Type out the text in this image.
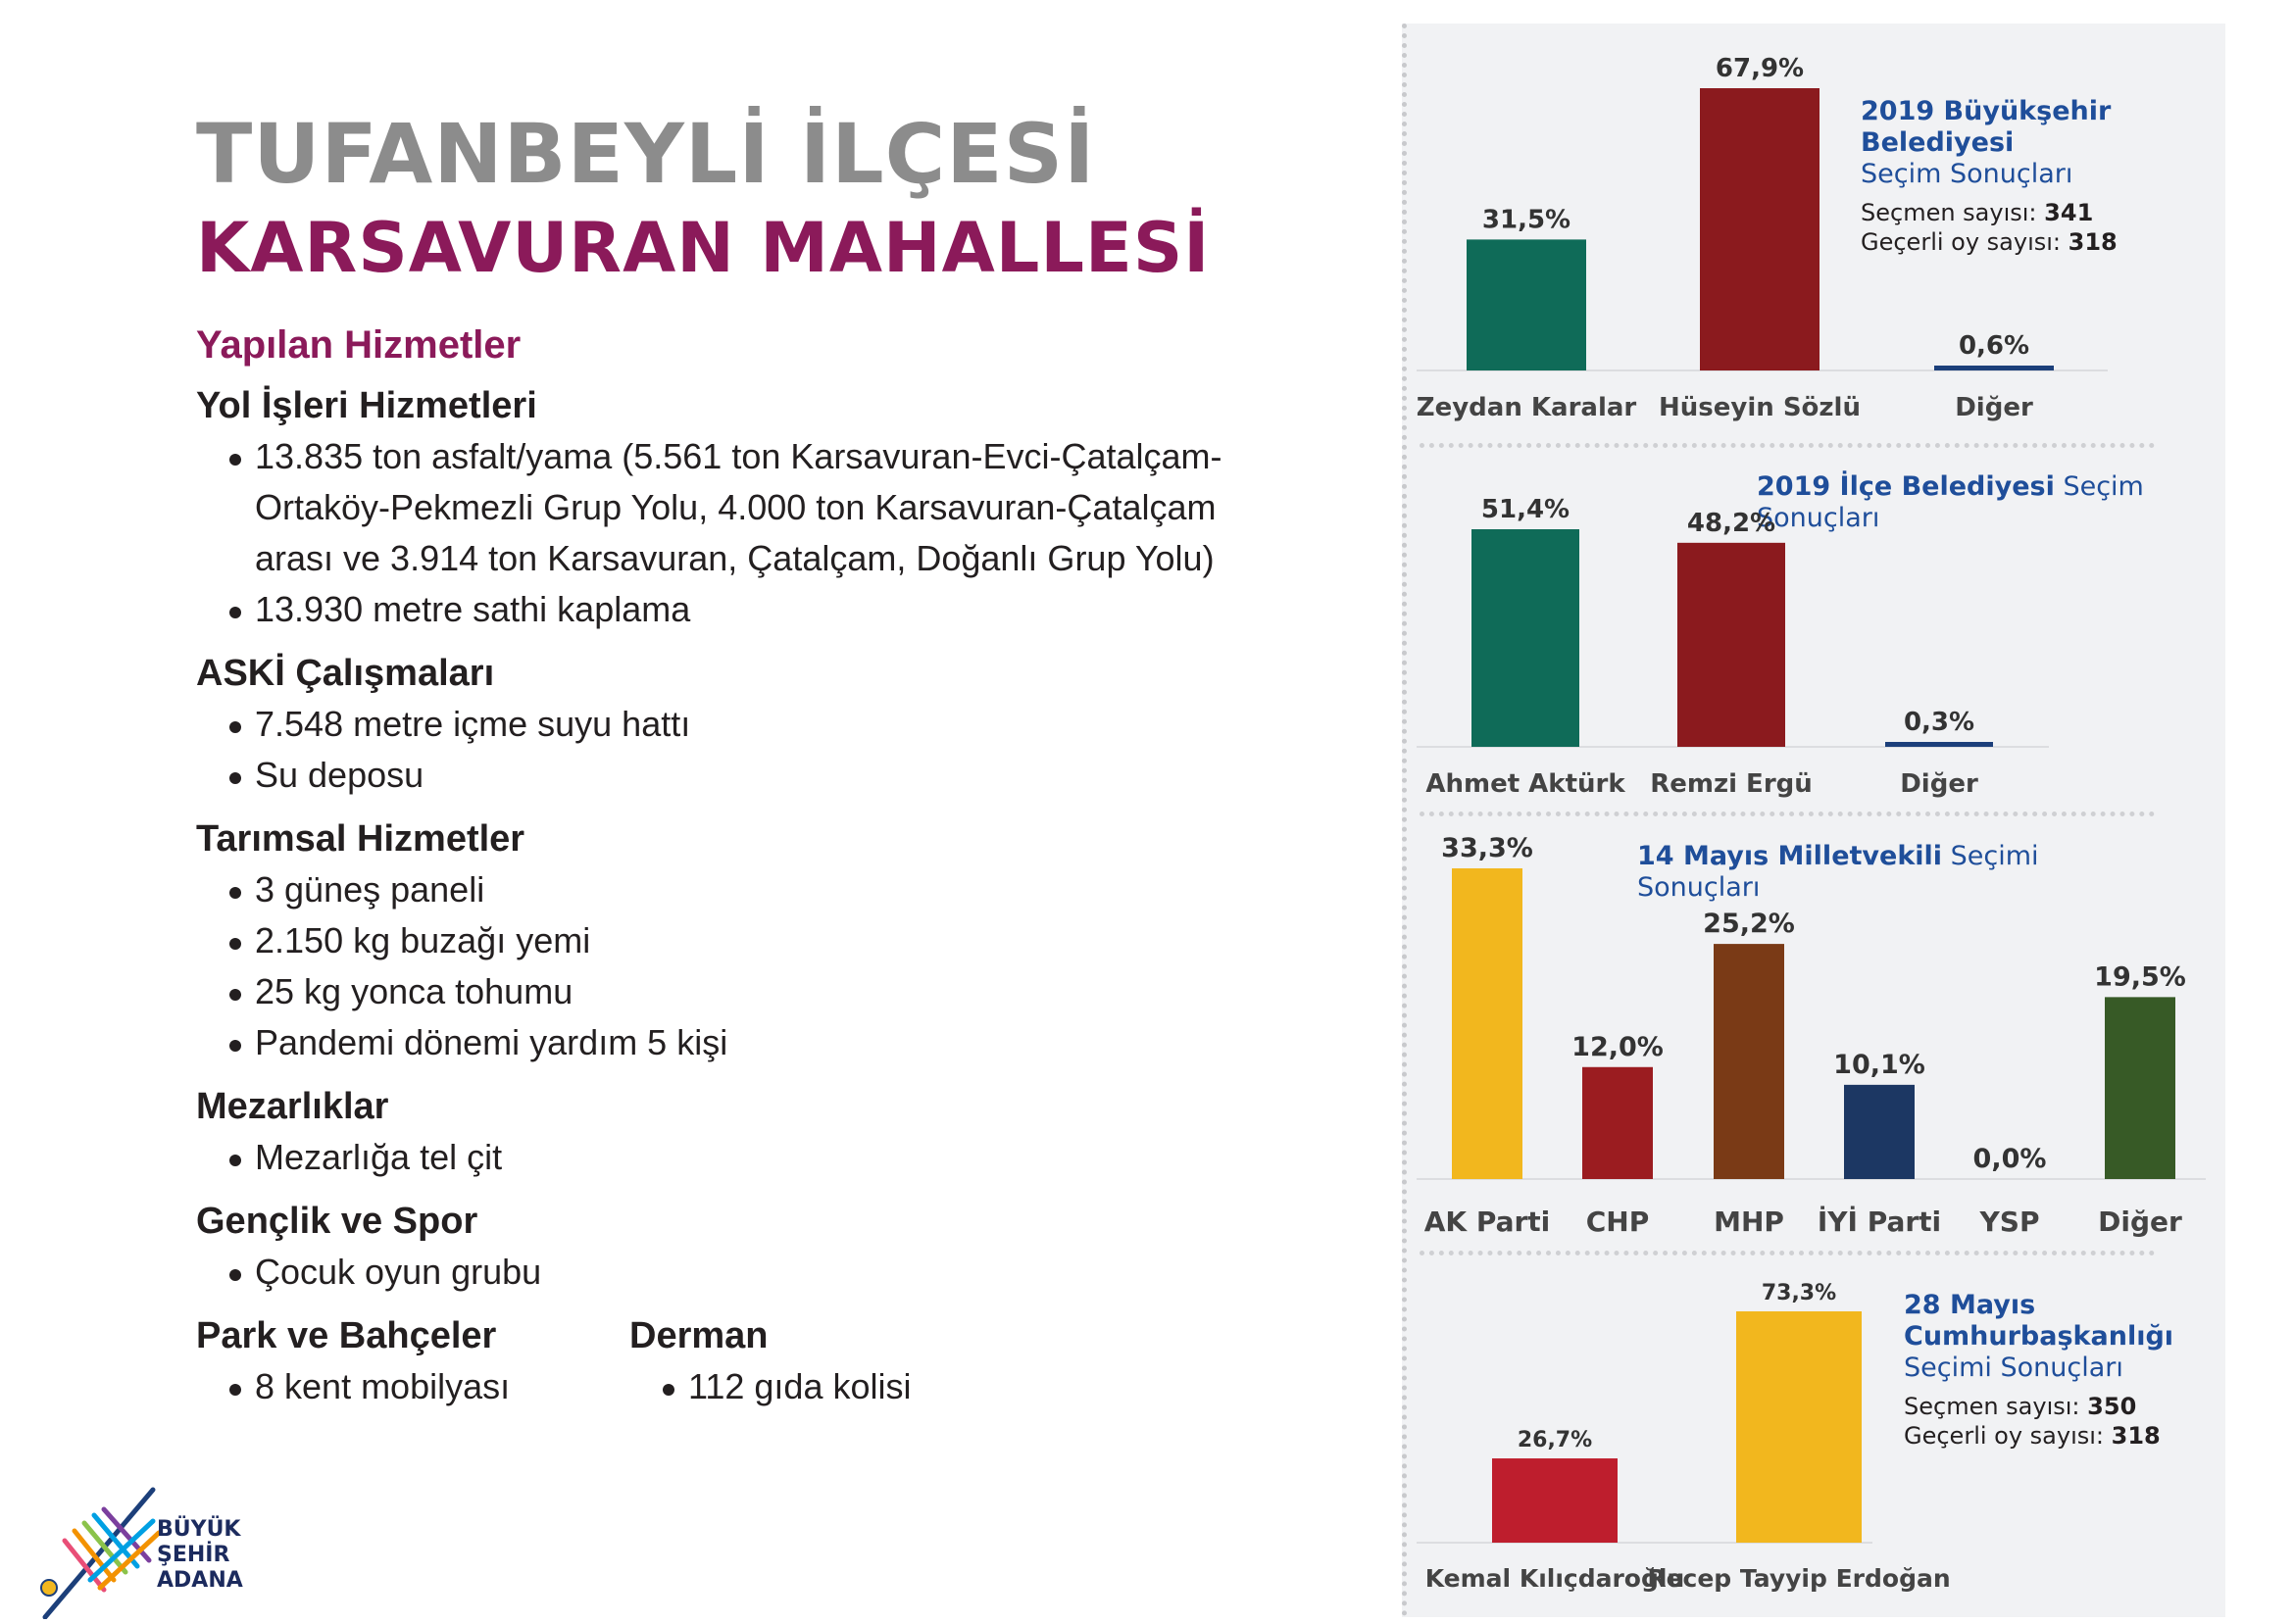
TUFANBEYLİ İLÇESİ
KARSAVURAN MAHALLESİ
Yapılan Hizmetler
Yol İşleri Hizmetleri
13.835 ton asfalt/yama (5.561 ton Karsavuran-Evci-Çatalçam-Ortaköy-Pekmezli Grup Yolu, 4.000 ton Karsavuran-Çatalçam arası ve 3.914 ton Karsavuran, Çatalçam, Doğanlı Grup Yolu)
13.930 metre sathi kaplama
ASKİ Çalışmaları
7.548 metre içme suyu hattı
Su deposu
Tarımsal Hizmetler
3 güneş paneli
2.150 kg buzağı yemi
25 kg yonca tohumu
Pandemi dönemi yardım 5 kişi
Mezarlıklar
Mezarlığa tel çit
Gençlik ve Spor
Çocuk oyun grubu
Park ve Bahçeler
8 kent mobilyası
Derman
112 gıda kolisi
BÜYÜK
ŞEHİR
ADANA
2019 Büyükşehir Belediyesi
Seçim Sonuçları
Seçmen sayısı: 341
Geçerli oy sayısı: 318
2019 İlçe Belediyesi Seçim Sonuçları
14 Mayıs Milletvekili Seçimi Sonuçları
28 Mayıs Cumhurbaşkanlığı
Seçimi Sonuçları
Seçmen sayısı: 350
Geçerli oy sayısı: 318
31,5%
Zeydan Karalar
67,9%
Hüseyin Sözlü
0,6%
Diğer
51,4%
Ahmet Aktürk
48,2%
Remzi Ergü
0,3%
Diğer
33,3%
AK Parti
12,0%
CHP
25,2%
MHP
10,1%
İYİ Parti
0,0%
YSP
19,5%
Diğer
26,7%
Kemal Kılıçdaroğlu
73,3%
Recep Tayyip Erdoğan
